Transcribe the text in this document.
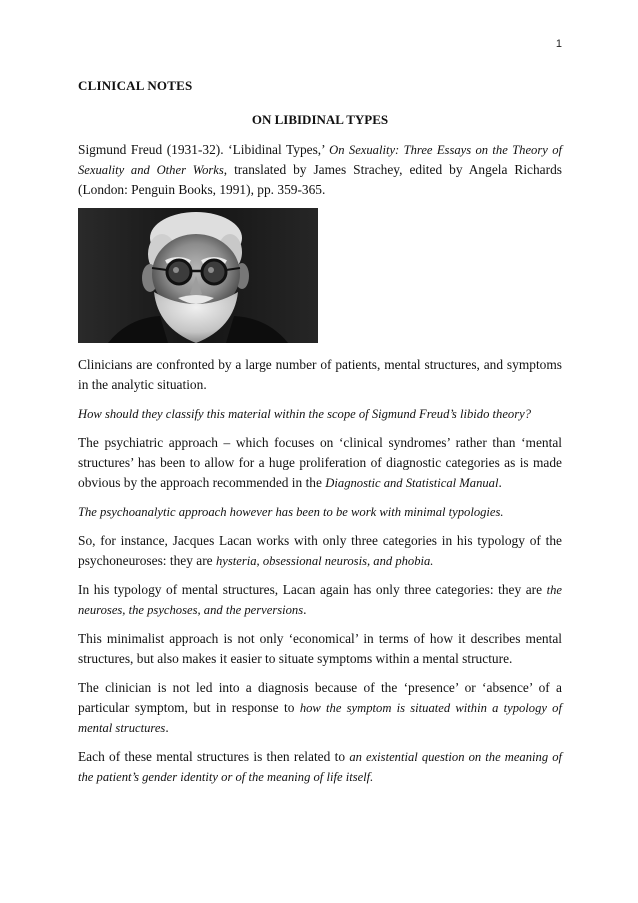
1

CLINICAL NOTES

ON LIBIDINAL TYPES

Sigmund Freud (1931-32). ‘Libidinal Types,’ On Sexuality: Three Essays on the Theory of Sexuality and Other Works, translated by James Strachey, edited by Angela Richards (London: Penguin Books, 1991), pp. 359-365.

Clinicians are confronted by a large number of patients, mental structures, and symptoms in the analytic situation.

How should they classify this material within the scope of Sigmund Freud’s libido theory?

The psychiatric approach – which focuses on ‘clinical syndromes’ rather than ‘mental structures’ has been to allow for a huge proliferation of diagnostic categories as is made obvious by the approach recommended in the Diagnostic and Statistical Manual.

The psychoanalytic approach however has been to be work with minimal typologies.

So, for instance, Jacques Lacan works with only three categories in his typology of the psychoneuroses: they are hysteria, obsessional neurosis, and phobia.

In his typology of mental structures, Lacan again has only three categories: they are the neuroses, the psychoses, and the perversions.

This minimalist approach is not only ‘economical’ in terms of how it describes mental structures, but also makes it easier to situate symptoms within a mental structure.

The clinician is not led into a diagnosis because of the ‘presence’ or ‘absence’ of a particular symptom, but in response to how the symptom is situated within a typology of mental structures.

Each of these mental structures is then related to an existential question on the meaning of the patient’s gender identity or of the meaning of life itself.
